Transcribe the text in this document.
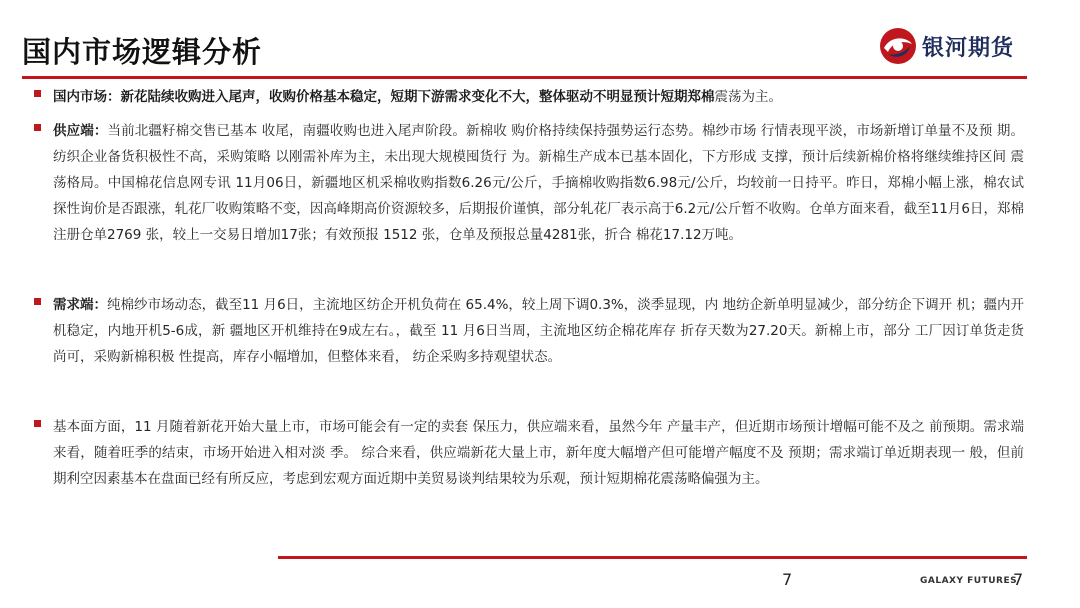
国内市场逻辑分析	银河期货
国内市场：新花陆续收购进入尾声，收购价格基本稳定，短期下游需求变化不大，整体驱动不明显预计短期郑棉震荡为主。
供应端：当前北疆籽棉交售已基本 收尾，南疆收购也进入尾声阶段。新棉收 购价格持续保持强势运行态势。棉纱市场 行情表现平淡，市场新增订单量不及预 期。纺织企业备货积极性不高，采购策略 以刚需补库为主，未出现大规模囤货行 为。新棉生产成本已基本固化，下方形成 支撑，预计后续新棉价格将继续维持区间 震荡格局。中国棉花信息网专讯 11月06日，新疆地区机采棉收购指数6.26元/公斤，手摘棉收购指数6.98元/公斤，均较前一日持平。昨日，郑棉小幅上涨，棉农试探性询价是否跟涨，轧花厂收购策略不变，因高峰期高价资源较多，后期报价谨慎，部分轧花厂表示高于6.2元/公斤暂不收购。仓单方面来看，截至11月6日，郑棉注册仓单2769 张，较上一交易日增加17张；有效预报 1512 张，仓单及预报总量4281张，折合 棉花17.12万吨。
需求端：纯棉纱市场动态，截至11 月6日，主流地区纺企开机负荷在 65.4%，较上周下调0.3%，淡季显现，内 地纺企新单明显减少，部分纺企下调开 机；疆内开机稳定，内地开机5-6成，新 疆地区开机维持在9成左右。，截至 11 月6日当周，主流地区纺企棉花库存 折存天数为27.20天。新棉上市，部分 工厂因订单货走货尚可，采购新棉积极 性提高，库存小幅增加，但整体来看， 纺企采购多持观望状态。
基本面方面，11 月随着新花开始大量上市，市场可能会有一定的卖套 保压力，供应端来看，虽然今年 产量丰产，但近期市场预计增幅可能不及之 前预期。需求端来看，随着旺季的结束，市场开始进入相对淡 季。 综合来看，供应端新花大量上市，新年度大幅增产但可能增产幅度不及 预期；需求端订单近期表现一 般，但前期利空因素基本在盘面已经有所反应，考虑到宏观方面近期中美贸易谈判结果较为乐观，预计短期棉花震荡略偏强为主。
7	GALAXY FUTURES
7
